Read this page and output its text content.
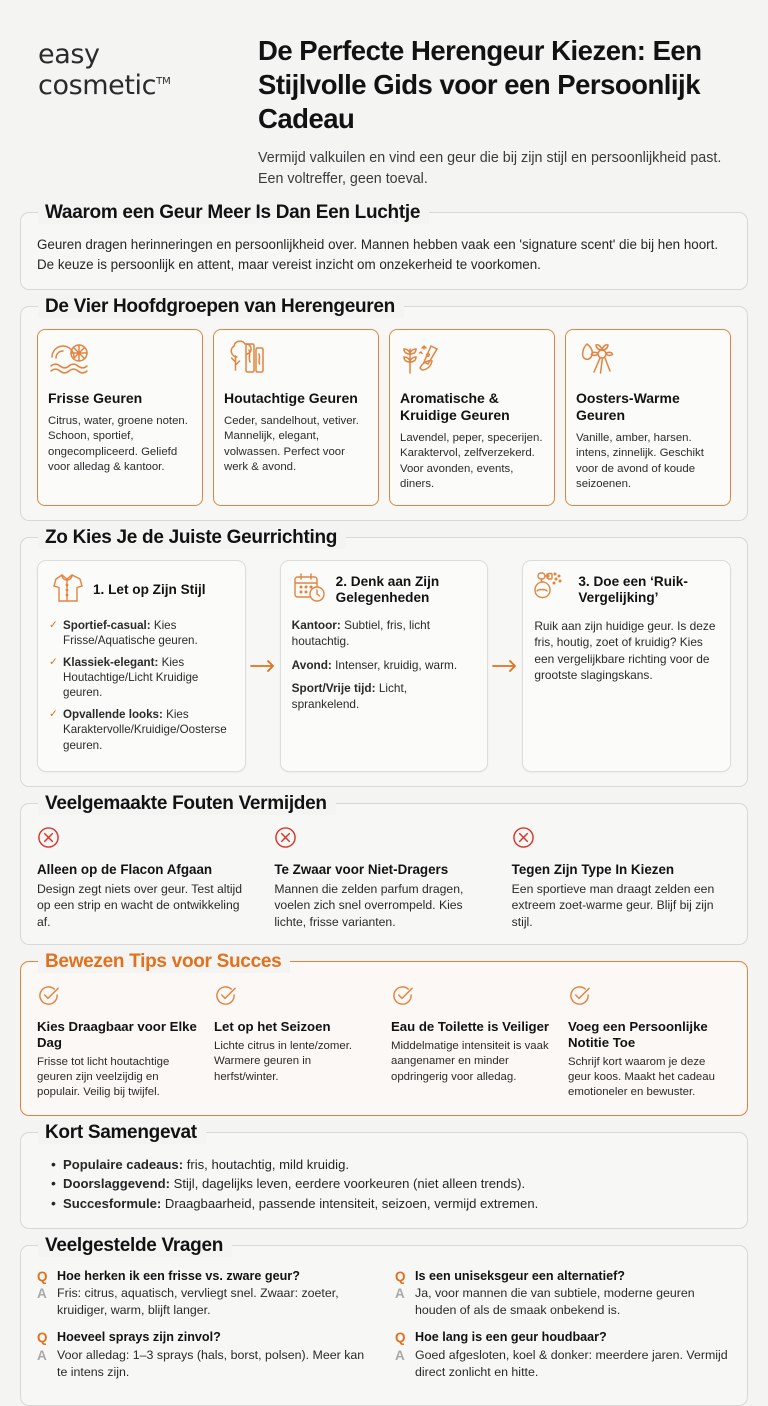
easy
cosmetic™
De Perfecte Herengeur Kiezen: Een Stijlvolle Gids voor een Persoonlijk Cadeau
Vermijd valkuilen en vind een geur die bij zijn stijl en persoonlijkheid past. Een voltreffer, geen toeval.
Waarom een Geur Meer Is Dan Een Luchtje
Geuren dragen herinneringen en persoonlijkheid over. Mannen hebben vaak een 'signature scent' die bij hen hoort. De keuze is persoonlijk en attent, maar vereist inzicht om onzekerheid te voorkomen.
De Vier Hoofdgroepen van Herengeuren
Frisse Geuren
Citrus, water, groene noten. Schoon, sportief, ongecompliceerd. Geliefd voor alledag & kantoor.
Houtachtige Geuren
Ceder, sandelhout, vetiver. Mannelijk, elegant, volwassen. Perfect voor werk & avond.
Aromatische & Kruidige Geuren
Lavendel, peper, specerijen. Karaktervol, zelfverzekerd. Voor avonden, events, diners.
Oosters-Warme Geuren
Vanille, amber, harsen. intens, zinnelijk. Geschikt voor de avond of koude seizoenen.
Zo Kies Je de Juiste Geurrichting
1. Let op Zijn Stijl
✓ Sportief-casual: Kies Frisse/Aquatische geuren.
✓ Klassiek-elegant: Kies Houtachtige/Licht Kruidige geuren.
✓ Opvallende looks: Kies Karaktervolle/Kruidige/Oosterse geuren.
2. Denk aan Zijn Gelegenheden
Kantoor: Subtiel, fris, licht houtachtig.
Avond: Intenser, kruidig, warm.
Sport/Vrije tijd: Licht, sprankelend.
3. Doe een ‘Ruik-Vergelijking’
Ruik aan zijn huidige geur. Is deze fris, houtig, zoet of kruidig? Kies een vergelijkbare richting voor de grootste slagingskans.
Veelgemaakte Fouten Vermijden
Alleen op de Flacon Afgaan
Design zegt niets over geur. Test altijd op een strip en wacht de ontwikkeling af.
Te Zwaar voor Niet-Dragers
Mannen die zelden parfum dragen, voelen zich snel overrompeld. Kies lichte, frisse varianten.
Tegen Zijn Type In Kiezen
Een sportieve man draagt zelden een extreem zoet-warme geur. Blijf bij zijn stijl.
Bewezen Tips voor Succes
Kies Draagbaar voor Elke Dag
Frisse tot licht houtachtige geuren zijn veelzijdig en populair. Veilig bij twijfel.
Let op het Seizoen
Lichte citrus in lente/zomer. Warmere geuren in herfst/winter.
Eau de Toilette is Veiliger
Middelmatige intensiteit is vaak aangenamer en minder opdringerig voor alledag.
Voeg een Persoonlijke Notitie Toe
Schrijf kort waarom je deze geur koos. Maakt het cadeau emotioneler en bewuster.
Kort Samengevat
• Populaire cadeaus: fris, houtachtig, mild kruidig.
• Doorslaggevend: Stijl, dagelijks leven, eerdere voorkeuren (niet alleen trends).
• Succesformule: Draagbaarheid, passende intensiteit, seizoen, vermijd extremen.
Veelgestelde Vragen
Q Hoe herken ik een frisse vs. zware geur?
A Fris: citrus, aquatisch, vervliegt snel. Zwaar: zoeter, kruidiger, warm, blijft langer.
Q Hoeveel sprays zijn zinvol?
A Voor alledag: 1–3 sprays (hals, borst, polsen). Meer kan te intens zijn.
Q Is een uniseksgeur een alternatief?
A Ja, voor mannen die van subtiele, moderne geuren houden of als de smaak onbekend is.
Q Hoe lang is een geur houdbaar?
A Goed afgesloten, koel & donker: meerdere jaren. Vermijd direct zonlicht en hitte.
